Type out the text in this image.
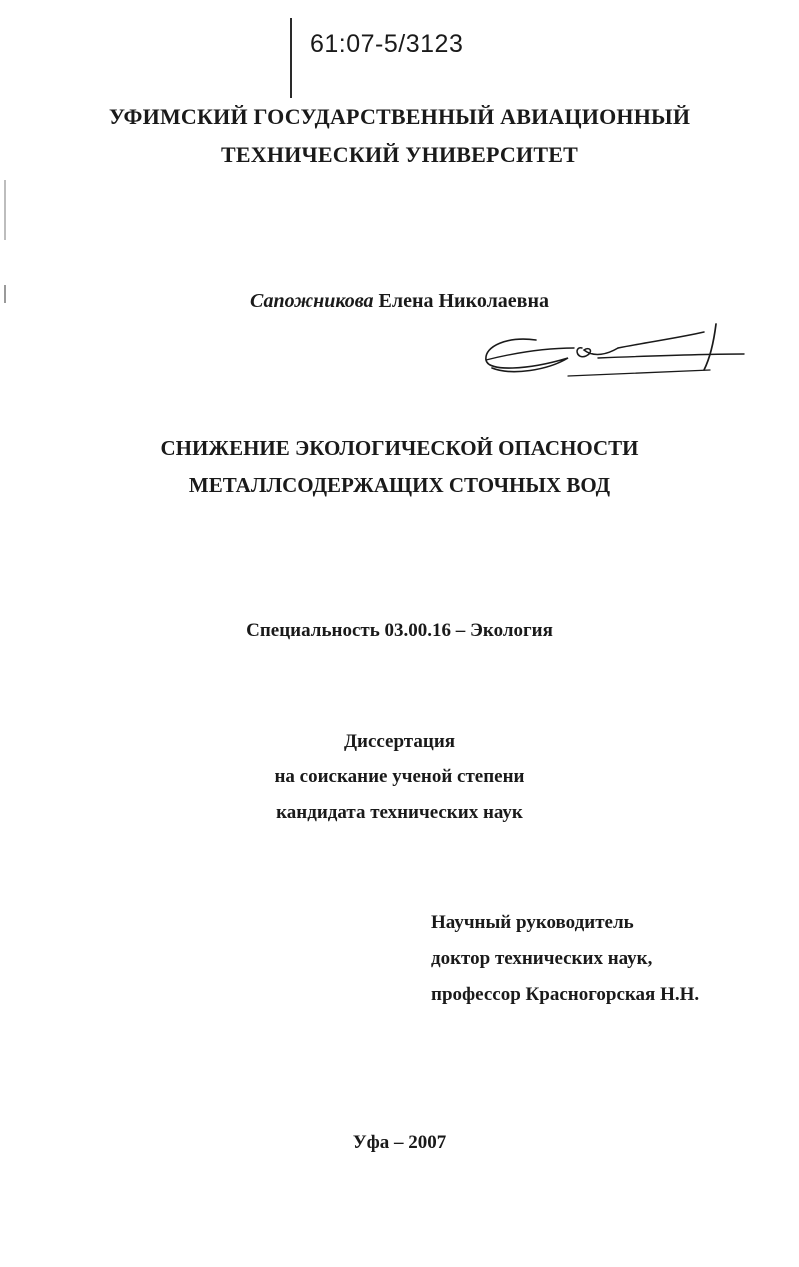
61:07-5/3123
УФИМСКИЙ ГОСУДАРСТВЕННЫЙ АВИАЦИОННЫЙ
ТЕХНИЧЕСКИЙ УНИВЕРСИТЕТ
Сапожникова Елена Николаевна
СНИЖЕНИЕ ЭКОЛОГИЧЕСКОЙ ОПАСНОСТИ
МЕТАЛЛСОДЕРЖАЩИХ СТОЧНЫХ ВОД
Специальность 03.00.16 – Экология
Диссертация
на соискание ученой степени
кандидата технических наук
Научный руководитель
доктор технических наук,
профессор Красногорская Н.Н.
Уфа – 2007
